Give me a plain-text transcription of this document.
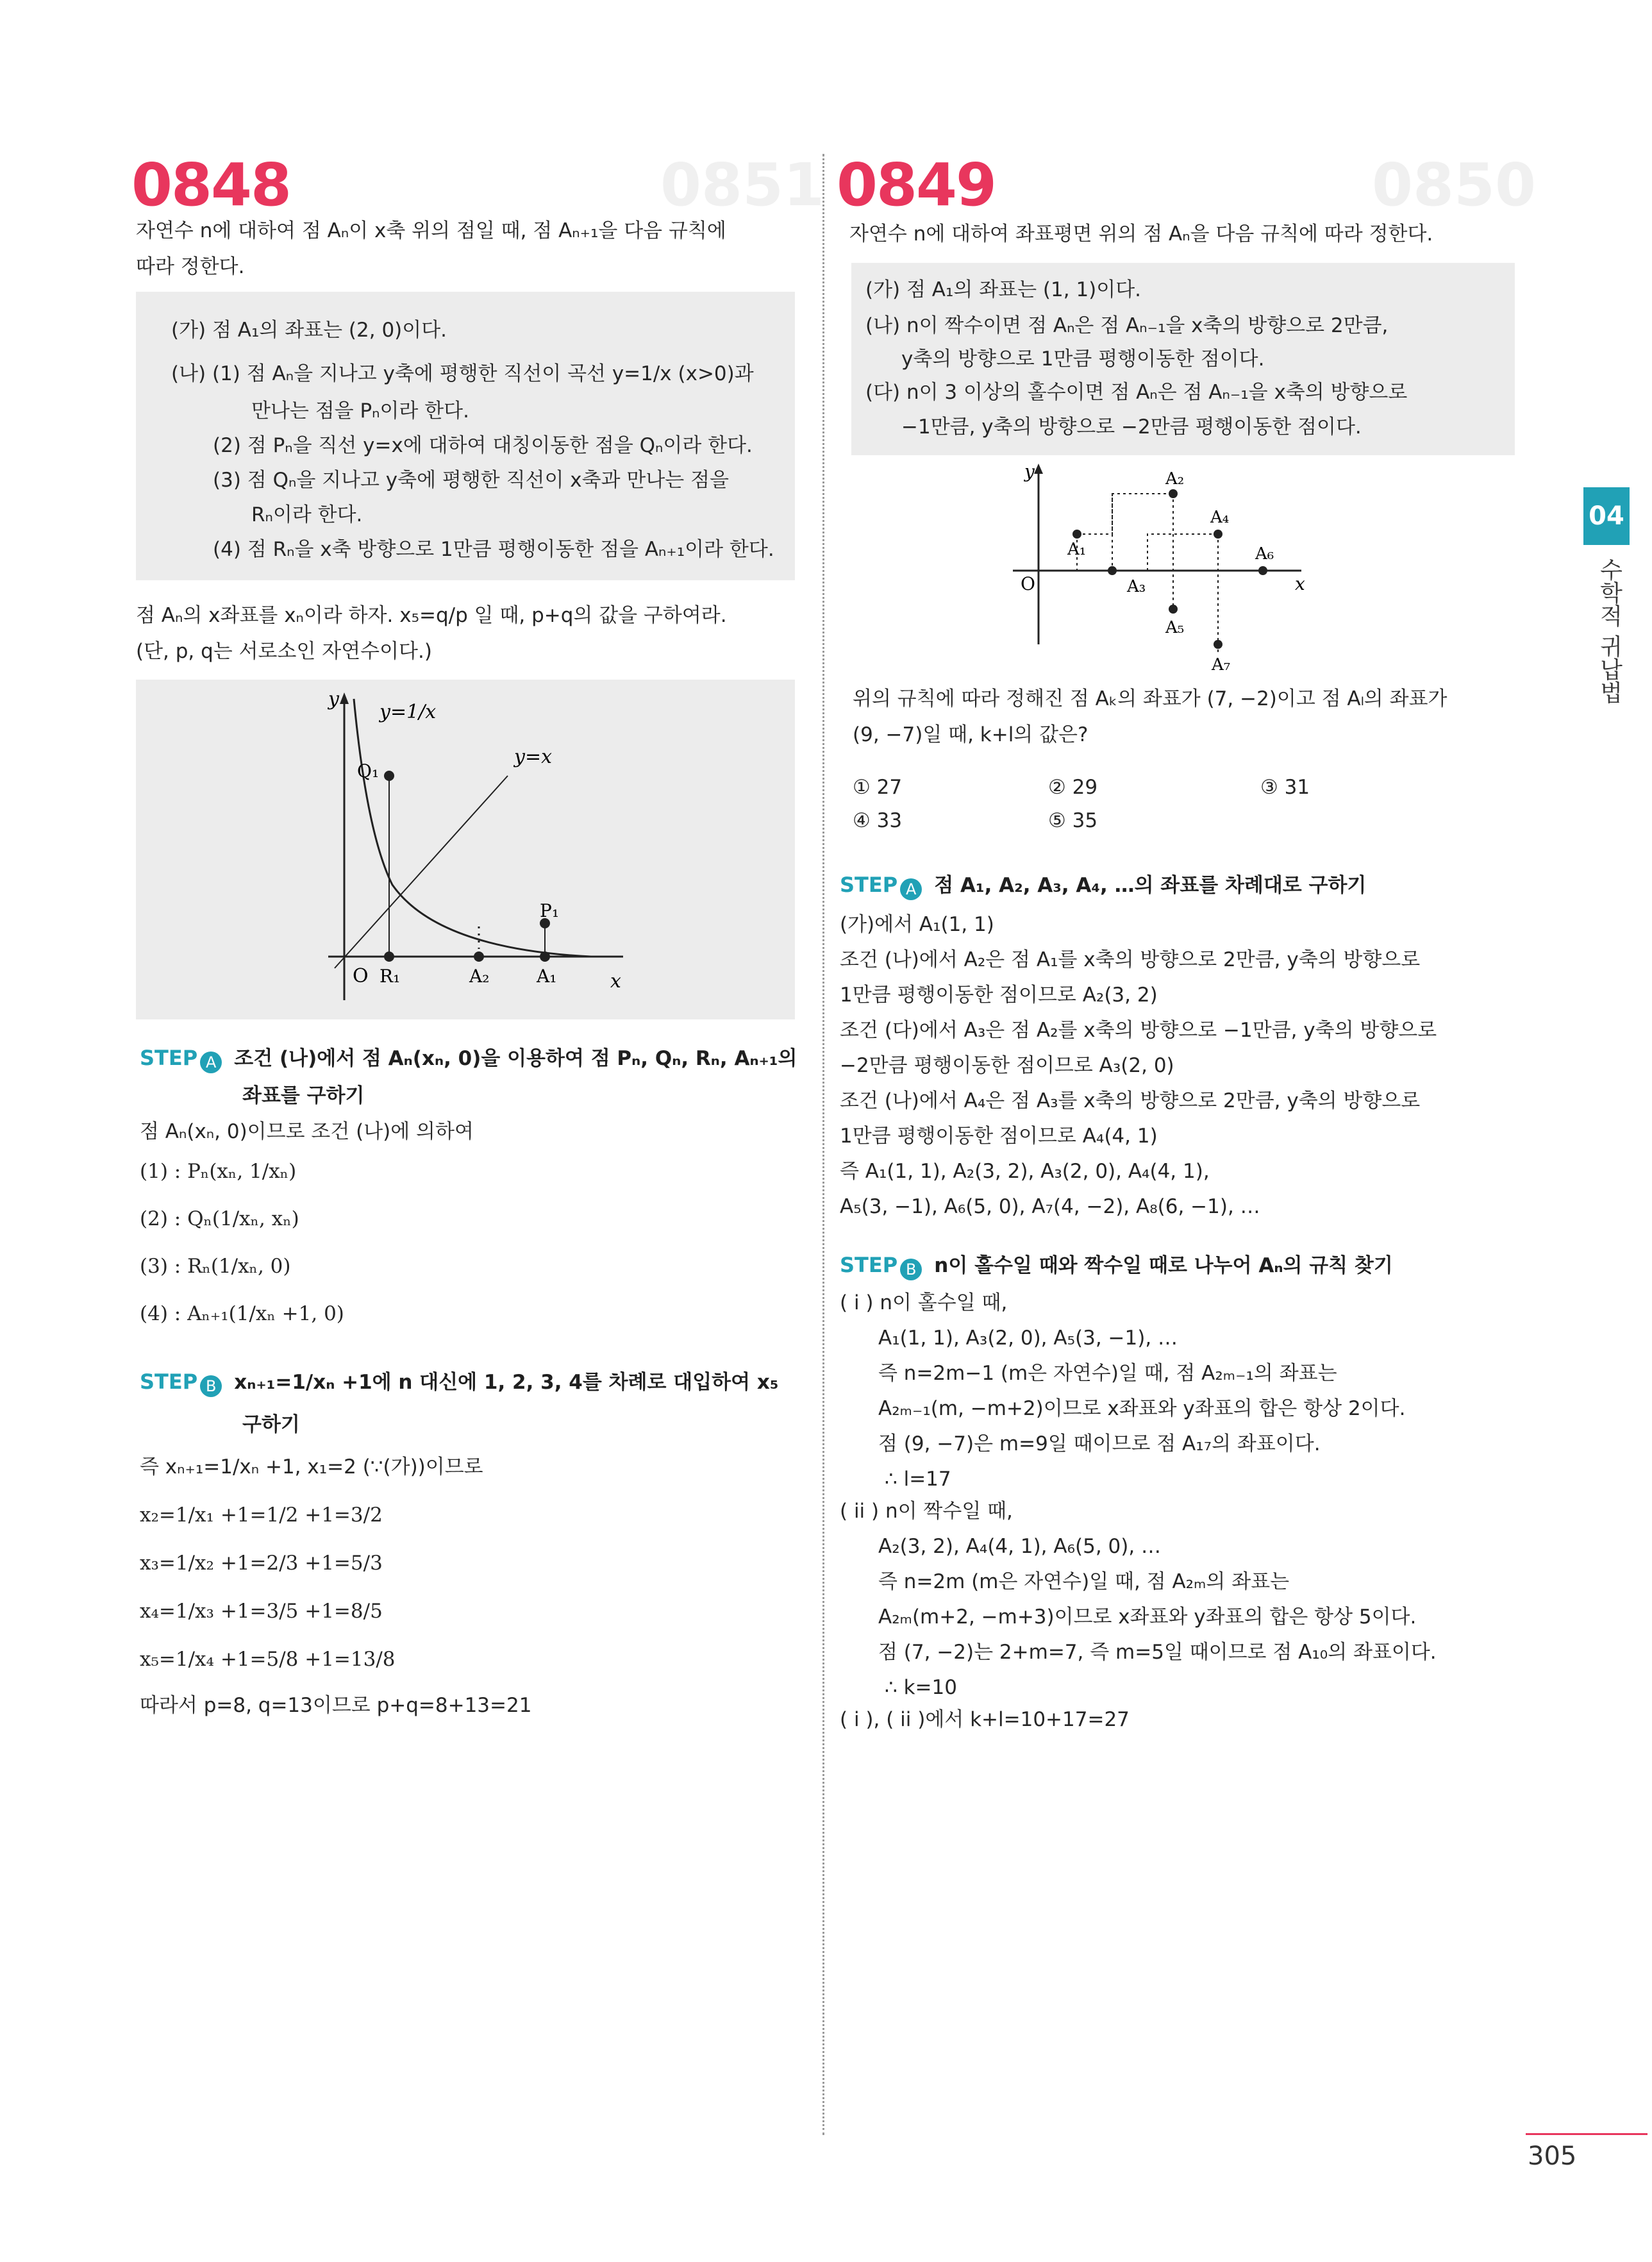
0851	0850
0848
자연수 n에 대하여 점 Aₙ이 x축 위의 점일 때, 점 Aₙ₊₁을 다음 규칙에
따라 정한다.
(가) 점 A₁의 좌표는 (2, 0)이다.
(나) (1) 점 Aₙ을 지나고 y축에 평행한 직선이 곡선 y=1/x (x>0)과
만나는 점을 Pₙ이라 한다.
(2) 점 Pₙ을 직선 y=x에 대하여 대칭이동한 점을 Qₙ이라 한다.
(3) 점 Qₙ을 지나고 y축에 평행한 직선이 x축과 만나는 점을
Rₙ이라 한다.
(4) 점 Rₙ을 x축 방향으로 1만큼 평행이동한 점을 Aₙ₊₁이라 한다.
점 Aₙ의 x좌표를 xₙ이라 하자. x₅=q/p 일 때, p+q의 값을 구하여라.
(단, p, q는 서로소인 자연수이다.)
y
x
y=1/x
y=x
Q₁
P₁
O R₁	A₂	A₁
STEP A 조건 (나)에서 점 Aₙ(xₙ, 0)을 이용하여 점 Pₙ, Qₙ, Rₙ, Aₙ₊₁의
좌표를 구하기
점 Aₙ(xₙ, 0)이므로 조건 (나)에 의하여
(1) : Pₙ(xₙ, 1/xₙ)
(2) : Qₙ(1/xₙ, xₙ)
(3) : Rₙ(1/xₙ, 0)
(4) : Aₙ₊₁(1/xₙ +1, 0)
STEP B xₙ₊₁=1/xₙ +1에 n 대신에 1, 2, 3, 4를 차례로 대입하여 x₅
구하기
즉 xₙ₊₁=1/xₙ +1, x₁=2 (∵(가))이므로
x₂=1/x₁ +1=1/2 +1=3/2
x₃=1/x₂ +1=2/3 +1=5/3
x₄=1/x₃ +1=3/5 +1=8/5
x₅=1/x₄ +1=5/8 +1=13/8
따라서 p=8, q=13이므로 p+q=8+13=21
0849
자연수 n에 대하여 좌표평면 위의 점 Aₙ을 다음 규칙에 따라 정한다.
(가) 점 A₁의 좌표는 (1, 1)이다.
(나) n이 짝수이면 점 Aₙ은 점 Aₙ₋₁을 x축의 방향으로 2만큼,
y축의 방향으로 1만큼 평행이동한 점이다.
(다) n이 3 이상의 홀수이면 점 Aₙ은 점 Aₙ₋₁을 x축의 방향으로
−1만큼, y축의 방향으로 −2만큼 평행이동한 점이다.
y
x
O
A₁
A₂
A₃
A₄
A₅
A₆
A₇
위의 규칙에 따라 정해진 점 Aₖ의 좌표가 (7, −2)이고 점 Aₗ의 좌표가
(9, −7)일 때, k+l의 값은?
① 27	② 29	③ 31
④ 33	⑤ 35
STEP A 점 A₁, A₂, A₃, A₄, …의 좌표를 차례대로 구하기
(가)에서 A₁(1, 1)
조건 (나)에서 A₂은 점 A₁를 x축의 방향으로 2만큼, y축의 방향으로
1만큼 평행이동한 점이므로 A₂(3, 2)
조건 (다)에서 A₃은 점 A₂를 x축의 방향으로 −1만큼, y축의 방향으로
−2만큼 평행이동한 점이므로 A₃(2, 0)
조건 (나)에서 A₄은 점 A₃를 x축의 방향으로 2만큼, y축의 방향으로
1만큼 평행이동한 점이므로 A₄(4, 1)
즉 A₁(1, 1), A₂(3, 2), A₃(2, 0), A₄(4, 1),
A₅(3, −1), A₆(5, 0), A₇(4, −2), A₈(6, −1), …
STEP B n이 홀수일 때와 짝수일 때로 나누어 Aₙ의 규칙 찾기
( i ) n이 홀수일 때,
A₁(1, 1), A₃(2, 0), A₅(3, −1), …
즉 n=2m−1 (m은 자연수)일 때, 점 A₂ₘ₋₁의 좌표는
A₂ₘ₋₁(m, −m+2)이므로 x좌표와 y좌표의 합은 항상 2이다.
점 (9, −7)은 m=9일 때이므로 점 A₁₇의 좌표이다.
∴ l=17
( ii ) n이 짝수일 때,
A₂(3, 2), A₄(4, 1), A₆(5, 0), …
즉 n=2m (m은 자연수)일 때, 점 A₂ₘ의 좌표는
A₂ₘ(m+2, −m+3)이므로 x좌표와 y좌표의 합은 항상 5이다.
점 (7, −2)는 2+m=7, 즉 m=5일 때이므로 점 A₁₀의 좌표이다.
∴ k=10
( i ), ( ii )에서 k+l=10+17=27
04
수학적 귀납법
305
